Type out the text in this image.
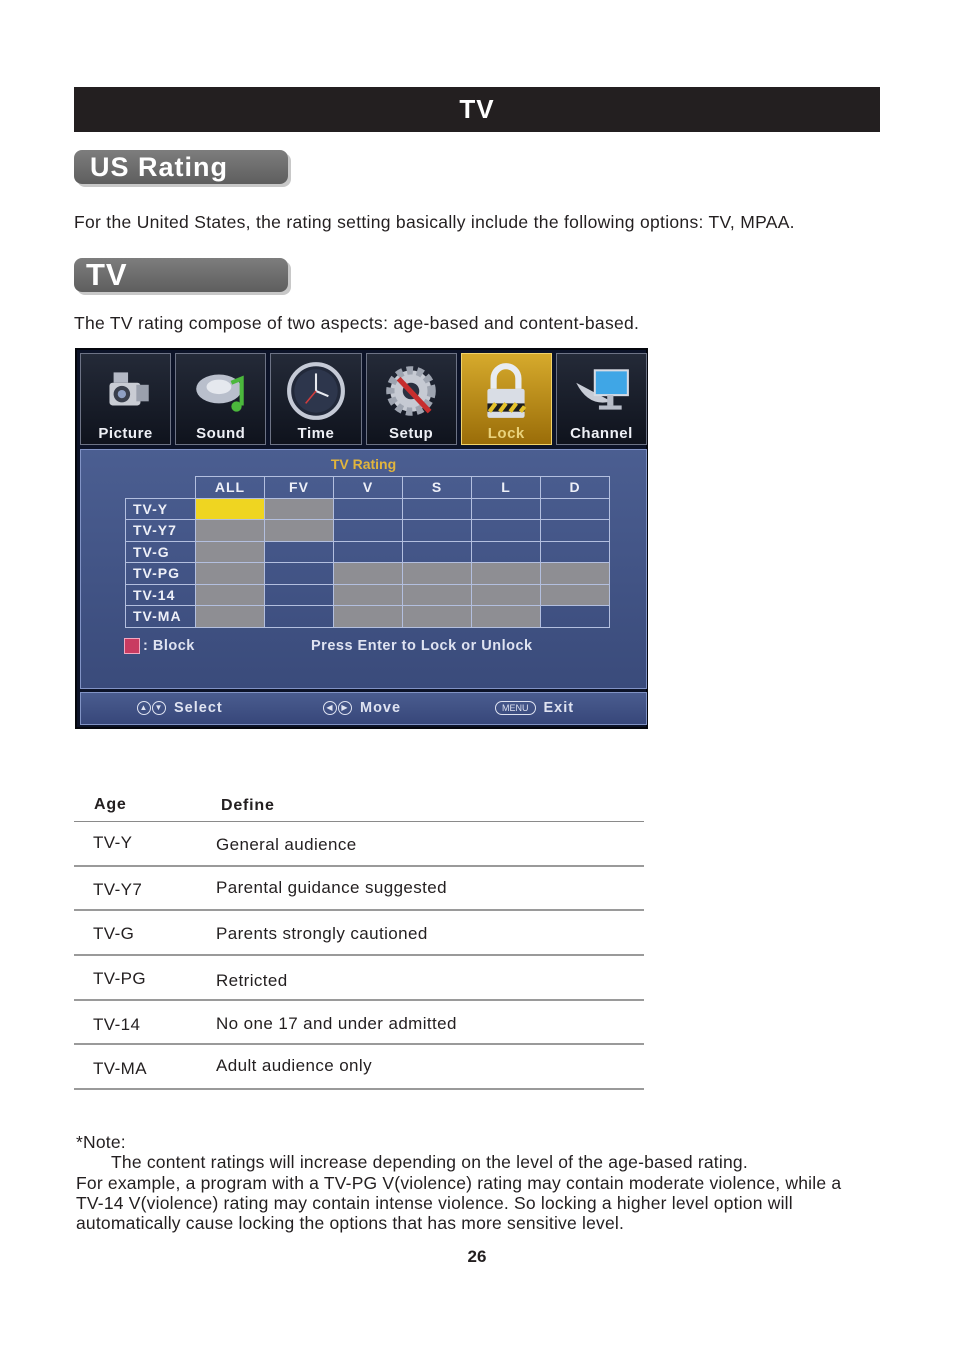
TV
US Rating
For the United States, the rating setting basically include the following options: TV, MPAA.
TV
The TV rating compose of two aspects: age-based and content-based.
Picture	Sound	Time	Setup	Lock	Channel
TV Rating
	ALL	FV	V	S	L	D
TV-Y						
TV-Y7						
TV-G						
TV-PG						
TV-14						
TV-MA						
: Block	Press Enter to Lock or Unlock
▲ ▼ Select	◀ ▶ Move	MENU	Exit
Age	Define
TV-Y	General audience
TV-Y7	Parental guidance suggested
TV-G	Parents strongly cautioned
TV-PG	Retricted
TV-14	No one 17 and under admitted
TV-MA	Adult audience only
*Note:
The content ratings will increase depending on the level of the age-based rating.
For example, a program with a TV-PG V(violence) rating may contain moderate violence, while a
TV-14 V(violence) rating may contain intense violence. So locking a higher level option will
automatically cause locking the options that has more sensitive level.
26
